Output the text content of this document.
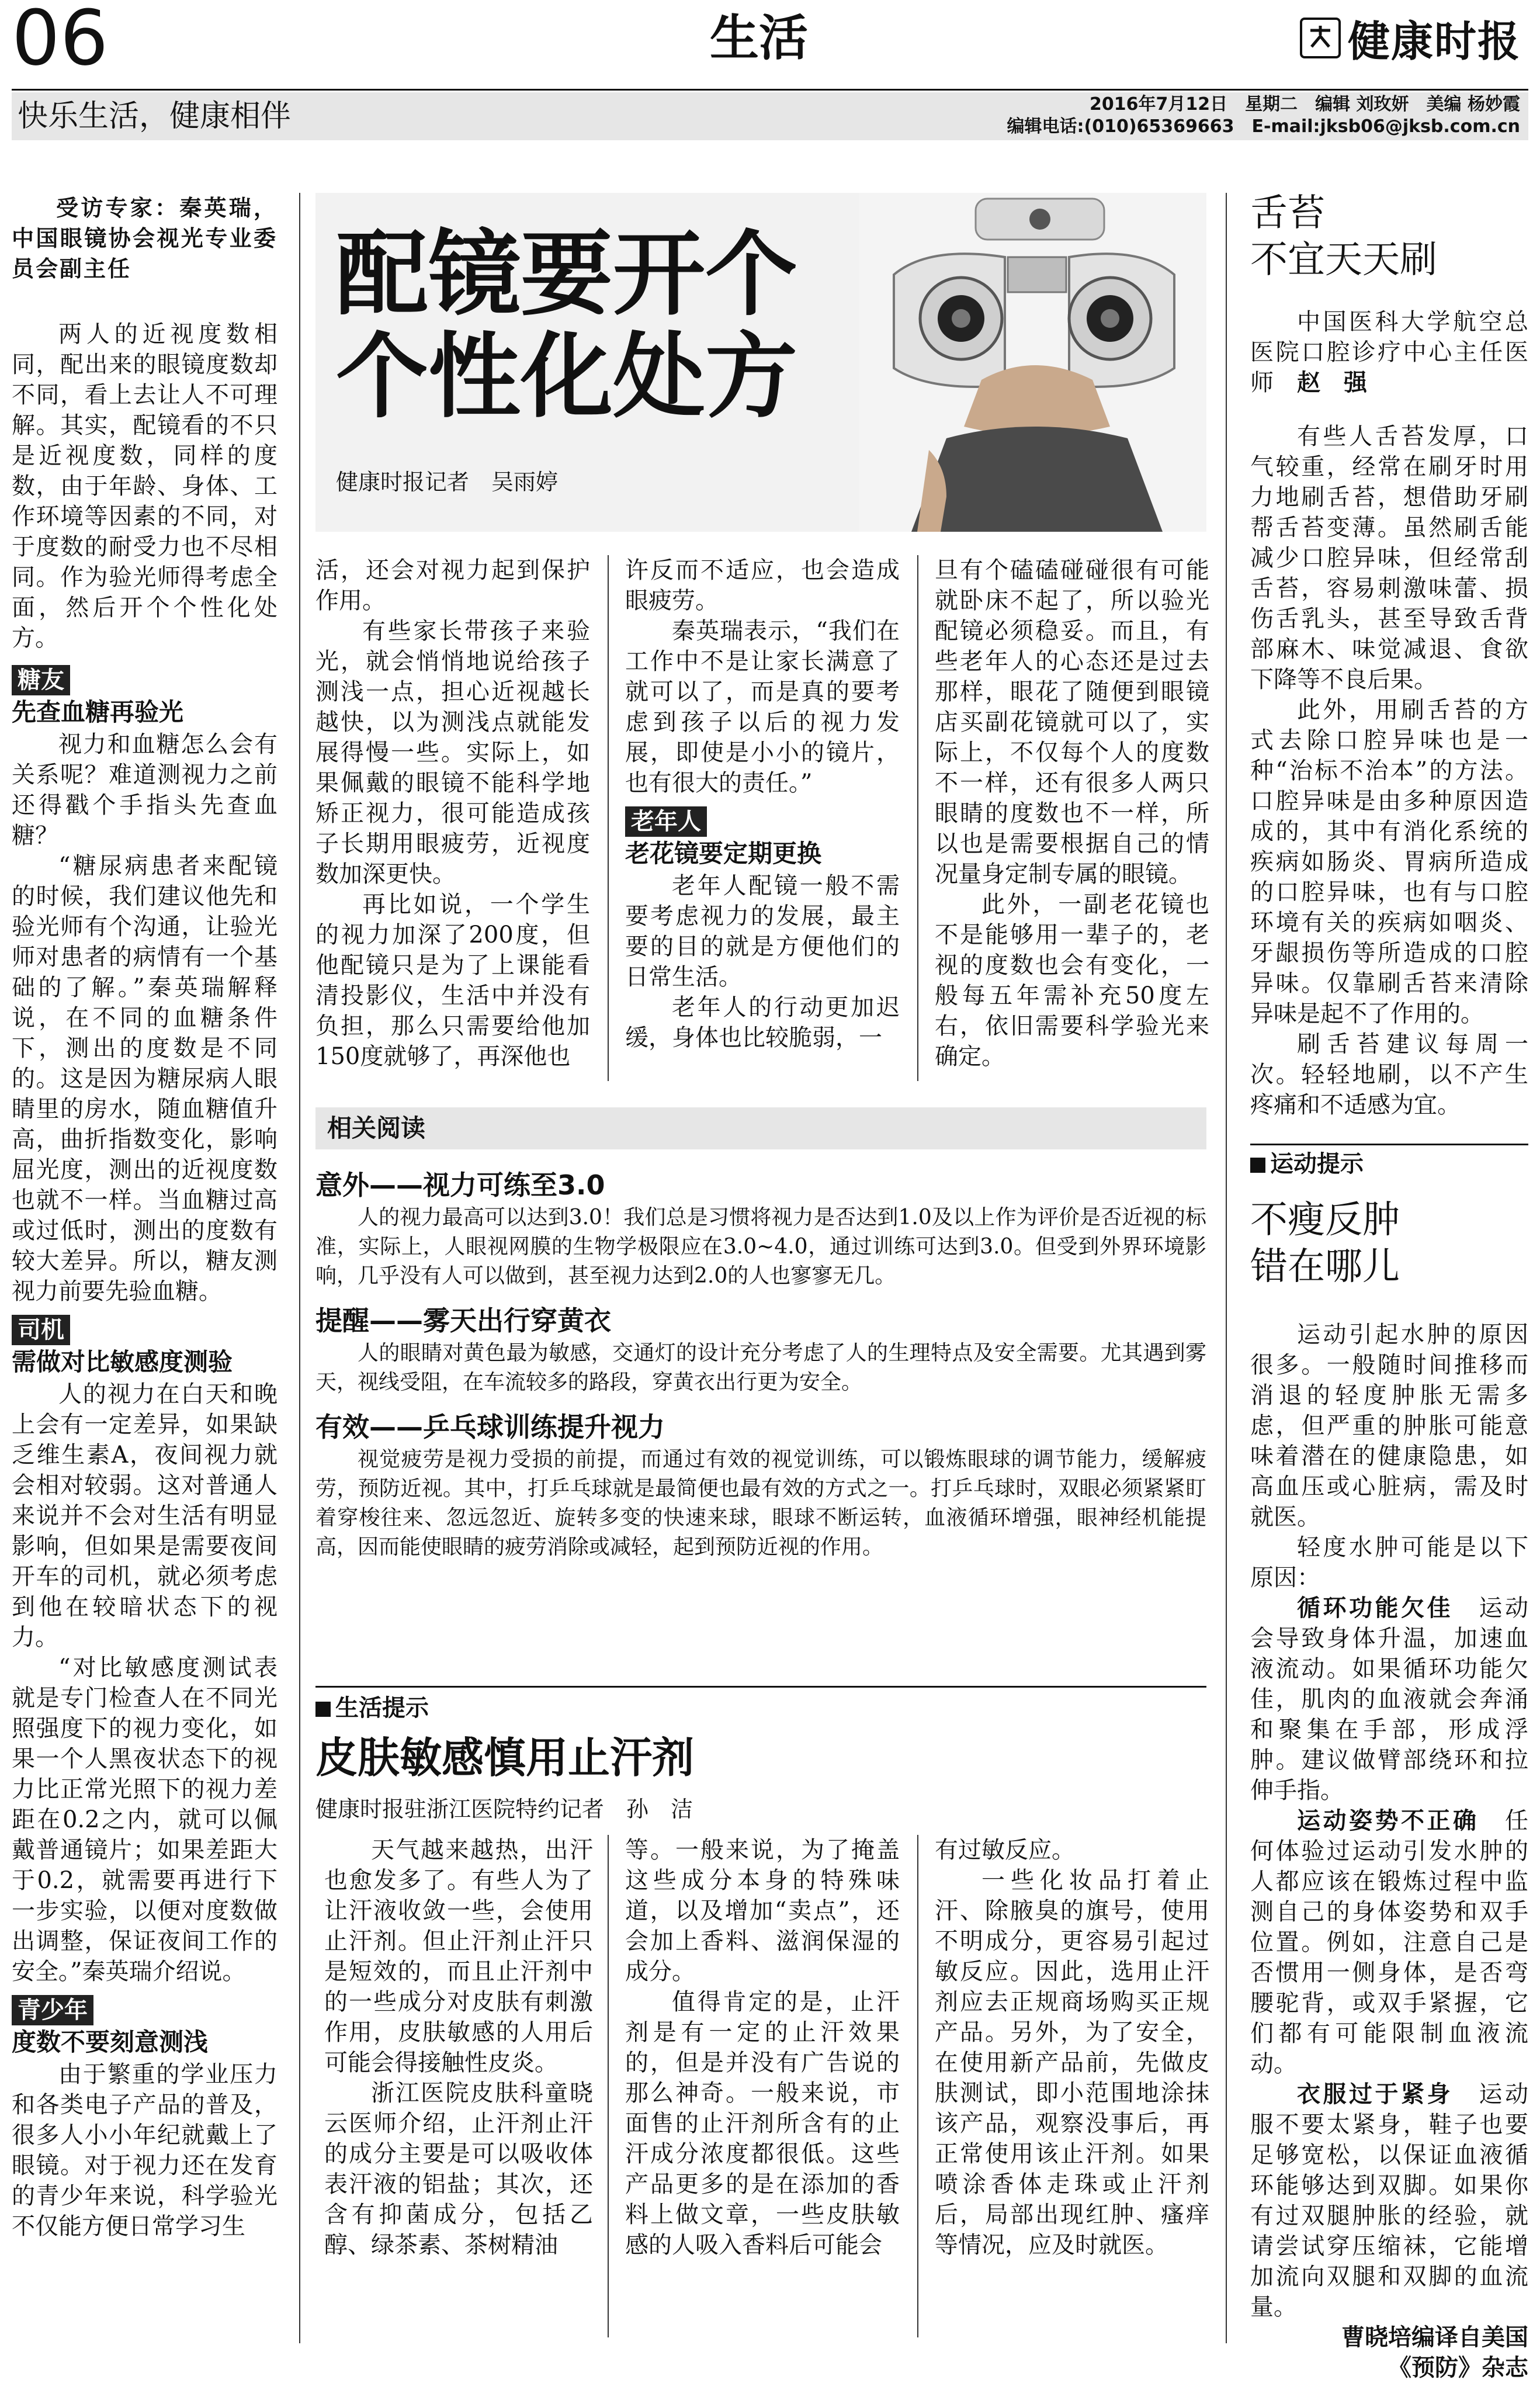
06	生活	健康时报
快乐生活，健康相伴	2016年7月12日　星期二　编辑 刘玫妍　美编 杨妙霞
编辑电话:(010)65369663　E-mail:jksb06@jksb.com.cn

受访专家：秦英瑞，中国眼镜协会视光专业委员会副主任

两人的近视度数相同，配出来的眼镜度数却不同，看上去让人不可理解。其实，配镜看的不只是近视度数，同样的度数，由于年龄、身体、工作环境等因素的不同，对于度数的耐受力也不尽相同。作为验光师得考虑全面，然后开个个性化处方。

糖友
先查血糖再验光

视力和血糖怎么会有关系呢？难道测视力之前还得戳个手指头先查血糖？

“糖尿病患者来配镜的时候，我们建议他先和验光师有个沟通，让验光师对患者的病情有一个基础的了解。”秦英瑞解释说，在不同的血糖条件下，测出的度数是不同的。这是因为糖尿病人眼睛里的房水，随血糖值升高，曲折指数变化，影响屈光度，测出的近视度数也就不一样。当血糖过高或过低时，测出的度数有较大差异。所以，糖友测视力前要先验血糖。

司机
需做对比敏感度测验

人的视力在白天和晚上会有一定差异，如果缺乏维生素A，夜间视力就会相对较弱。这对普通人来说并不会对生活有明显影响，但如果是需要夜间开车的司机，就必须考虑到他在较暗状态下的视力。

“对比敏感度测试表就是专门检查人在不同光照强度下的视力变化，如果一个人黑夜状态下的视力比正常光照下的视力差距在0.2之内，就可以佩戴普通镜片；如果差距大于0.2，就需要再进行下一步实验，以便对度数做出调整，保证夜间工作的安全。”秦英瑞介绍说。

青少年
度数不要刻意测浅

由于繁重的学业压力和各类电子产品的普及，很多人小小年纪就戴上了眼镜。对于视力还在发育的青少年来说，科学验光不仅能方便日常学习生

配镜要开个
个性化处方
健康时报记者　吴雨婷

活，还会对视力起到保护作用。

有些家长带孩子来验光，就会悄悄地说给孩子测浅一点，担心近视越长越快，以为测浅点就能发展得慢一些。实际上，如果佩戴的眼镜不能科学地矫正视力，很可能造成孩子长期用眼疲劳，近视度数加深更快。

再比如说，一个学生的视力加深了200度，但他配镜只是为了上课能看清投影仪，生活中并没有负担，那么只需要给他加150度就够了，再深他也

许反而不适应，也会造成眼疲劳。

秦英瑞表示，“我们在工作中不是让家长满意了就可以了，而是真的要考虑到孩子以后的视力发展，即使是小小的镜片，也有很大的责任。”

老年人
老花镜要定期更换

老年人配镜一般不需要考虑视力的发展，最主要的目的就是方便他们的日常生活。

老年人的行动更加迟缓，身体也比较脆弱，一

旦有个磕磕碰碰很有可能就卧床不起了，所以验光配镜必须稳妥。而且，有些老年人的心态还是过去那样，眼花了随便到眼镜店买副花镜就可以了，实际上，不仅每个人的度数不一样，还有很多人两只眼睛的度数也不一样，所以也是需要根据自己的情况量身定制专属的眼镜。

此外，一副老花镜也不是能够用一辈子的，老视的度数也会有变化，一般每五年需补充50度左右，依旧需要科学验光来确定。

相关阅读
意外——视力可练至3.0
人的视力最高可以达到3.0！我们总是习惯将视力是否达到1.0及以上作为评价是否近视的标准，实际上，人眼视网膜的生物学极限应在3.0~4.0，通过训练可达到3.0。但受到外界环境影响，几乎没有人可以做到，甚至视力达到2.0的人也寥寥无几。
提醒——雾天出行穿黄衣
人的眼睛对黄色最为敏感，交通灯的设计充分考虑了人的生理特点及安全需要。尤其遇到雾天，视线受阻，在车流较多的路段，穿黄衣出行更为安全。
有效——乒乓球训练提升视力
视觉疲劳是视力受损的前提，而通过有效的视觉训练，可以锻炼眼球的调节能力，缓解疲劳，预防近视。其中，打乒乓球就是最简便也最有效的方式之一。打乒乓球时，双眼必须紧紧盯着穿梭往来、忽远忽近、旋转多变的快速来球，眼球不断运转，血液循环增强，眼神经机能提高，因而能使眼睛的疲劳消除或减轻，起到预防近视的作用。
生活提示
皮肤敏感慎用止汗剂
健康时报驻浙江医院特约记者　孙　洁

天气越来越热，出汗也愈发多了。有些人为了让汗液收敛一些，会使用止汗剂。但止汗剂止汗只是短效的，而且止汗剂中的一些成分对皮肤有刺激作用，皮肤敏感的人用后可能会得接触性皮炎。

浙江医院皮肤科童晓云医师介绍，止汗剂止汗的成分主要是可以吸收体表汗液的铝盐；其次，还含有抑菌成分，包括乙醇、绿茶素、茶树精油

等。一般来说，为了掩盖这些成分本身的特殊味道，以及增加“卖点”，还会加上香料、滋润保湿的成分。

值得肯定的是，止汗剂是有一定的止汗效果的，但是并没有广告说的那么神奇。一般来说，市面售的止汗剂所含有的止汗成分浓度都很低。这些产品更多的是在添加的香料上做文章，一些皮肤敏感的人吸入香料后可能会

有过敏反应。

一些化妆品打着止汗、除腋臭的旗号，使用不明成分，更容易引起过敏反应。因此，选用止汗剂应去正规商场购买正规产品。另外，为了安全，在使用新产品前，先做皮肤测试，即小范围地涂抹该产品，观察没事后，再正常使用该止汗剂。如果喷涂香体走珠或止汗剂后，局部出现红肿、瘙痒等情况，应及时就医。

舌苔
不宜天天刷

中国医科大学航空总医院口腔诊疗中心主任医师　 赵　强

有些人舌苔发厚，口气较重，经常在刷牙时用力地刷舌苔，想借助牙刷帮舌苔变薄。虽然刷舌能减少口腔异味，但经常刮舌苔，容易刺激味蕾、损伤舌乳头，甚至导致舌背部麻木、味觉减退、食欲下降等不良后果。

此外，用刷舌苔的方式去除口腔异味也是一种“治标不治本”的方法。口腔异味是由多种原因造成的，其中有消化系统的疾病如肠炎、胃病所造成的口腔异味，也有与口腔环境有关的疾病如咽炎、牙龈损伤等所造成的口腔异味。仅靠刷舌苔来清除异味是起不了作用的。

刷舌苔建议每周一次。轻轻地刷，以不产生疼痛和不适感为宜。

运动提示
不瘦反肿
错在哪儿

运动引起水肿的原因很多。一般随时间推移而消退的轻度肿胀无需多虑，但严重的肿胀可能意味着潜在的健康隐患，如高血压或心脏病，需及时就医。

轻度水肿可能是以下原因：

循环功能欠佳　 运动会导致身体升温，加速血液流动。如果循环功能欠佳，肌肉的血液就会奔涌和聚集在手部，形成浮肿。建议做臂部绕环和拉伸手指。

运动姿势不正确　 任何体验过运动引发水肿的人都应该在锻炼过程中监测自己的身体姿势和双手位置。例如，注意自己是否惯用一侧身体，是否弯腰驼背，或双手紧握，它们都有可能限制血液流动。

衣服过于紧身　 运动服不要太紧身，鞋子也要足够宽松，以保证血液循环能够达到双脚。如果你有过双腿肿胀的经验，就请尝试穿压缩袜，它能增加流向双腿和双脚的血流量。

曹晓培编译自美国《预防》杂志
